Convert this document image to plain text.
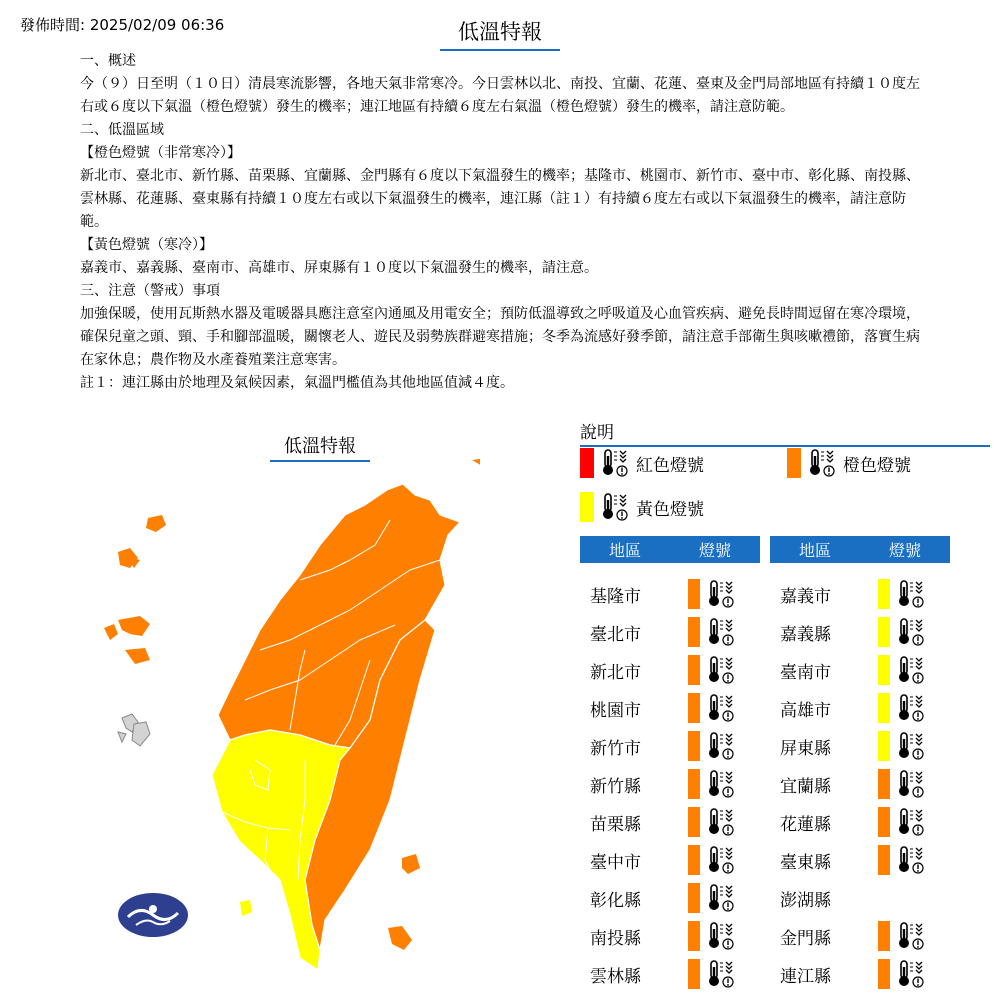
發佈時間: 2025/02/09 06:36	低溫特報

一、概述

今（９）日至明（１０日）清晨寒流影響，各地天氣非常寒冷。今日雲林以北、南投、宜蘭、花蓮、臺東及金門局部地區有持續１０度左右或６度以下氣溫（橙色燈號）發生的機率；連江地區有持續６度左右氣溫（橙色燈號）發生的機率，請注意防範。

二、低溫區域

【橙色燈號（非常寒冷）】

新北市、臺北市、新竹縣、苗栗縣、宜蘭縣、金門縣有６度以下氣溫發生的機率；基隆市、桃園市、新竹市、臺中市、彰化縣、南投縣、雲林縣、花蓮縣、臺東縣有持續１０度左右或以下氣溫發生的機率，連江縣（註１）有持續６度左右或以下氣溫發生的機率，請注意防範。

【黃色燈號（寒冷）】

嘉義市、嘉義縣、臺南市、高雄市、屏東縣有１０度以下氣溫發生的機率，請注意。

三、注意（警戒）事項

加強保暖，使用瓦斯熱水器及電暖器具應注意室內通風及用電安全；預防低溫導致之呼吸道及心血管疾病、避免長時間逗留在寒冷環境，確保兒童之頭、頸、手和腳部溫暖，關懷老人、遊民及弱勢族群避寒措施；冬季為流感好發季節，請注意手部衛生與咳嗽禮節，落實生病在家休息；農作物及水產養殖業注意寒害。

註１：連江縣由於地理及氣候因素，氣溫門檻值為其他地區值減４度。

低溫特報
說明
紅色燈號	橙色燈號
黃色燈號
地區	燈號
基隆市
臺北市
新北市
桃園市
新竹市
新竹縣
苗栗縣
臺中市
彰化縣
南投縣
雲林縣
地區	燈號
嘉義市
嘉義縣
臺南市
高雄市
屏東縣
宜蘭縣
花蓮縣
臺東縣
澎湖縣
金門縣
連江縣
